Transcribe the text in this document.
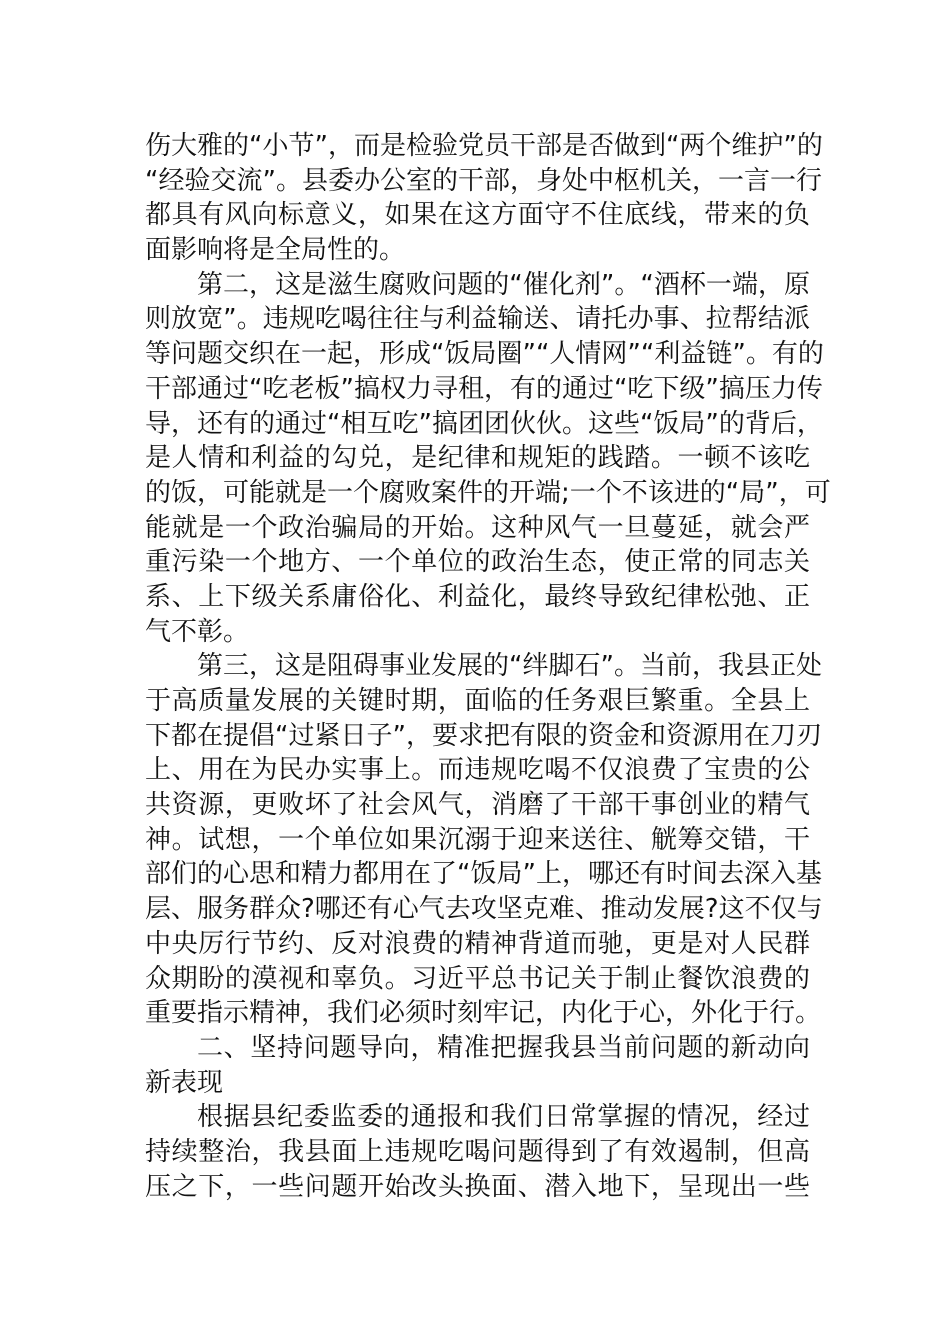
伤大雅的“小节”，而是检验党员干部是否做到“两个维护”的
“经验交流”。县委办公室的干部，身处中枢机关，一言一行
都具有风向标意义，如果在这方面守不住底线，带来的负
面影响将是全局性的。
第二，这是滋生腐败问题的“催化剂”。“酒杯一端，原
则放宽”。违规吃喝往往与利益输送、请托办事、拉帮结派
等问题交织在一起，形成“饭局圈”“人情网”“利益链”。有的
干部通过“吃老板”搞权力寻租，有的通过“吃下级”搞压力传
导，还有的通过“相互吃”搞团团伙伙。这些“饭局”的背后，
是人情和利益的勾兑，是纪律和规矩的践踏。一顿不该吃
的饭，可能就是一个腐败案件的开端;一个不该进的“局”，可
能就是一个政治骗局的开始。这种风气一旦蔓延，就会严
重污染一个地方、一个单位的政治生态，使正常的同志关
系、上下级关系庸俗化、利益化，最终导致纪律松弛、正
气不彰。
第三，这是阻碍事业发展的“绊脚石”。当前，我县正处
于高质量发展的关键时期，面临的任务艰巨繁重。全县上
下都在提倡“过紧日子”，要求把有限的资金和资源用在刀刃
上、用在为民办实事上。而违规吃喝不仅浪费了宝贵的公
共资源，更败坏了社会风气，消磨了干部干事创业的精气
神。试想，一个单位如果沉溺于迎来送往、觥筹交错，干
部们的心思和精力都用在了“饭局”上，哪还有时间去深入基
层、服务群众?哪还有心气去攻坚克难、推动发展?这不仅与
中央厉行节约、反对浪费的精神背道而驰，更是对人民群
众期盼的漠视和辜负。习近平总书记关于制止餐饮浪费的
重要指示精神，我们必须时刻牢记，内化于心，外化于行。
二、坚持问题导向，精准把握我县当前问题的新动向
新表现
根据县纪委监委的通报和我们日常掌握的情况，经过
持续整治，我县面上违规吃喝问题得到了有效遏制，但高
压之下，一些问题开始改头换面、潜入地下，呈现出一些
